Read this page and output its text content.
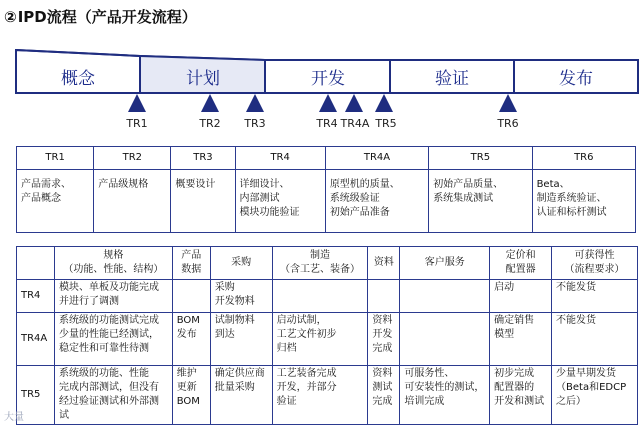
②IPD流程（产品开发流程）
概念	计划	开发	验证	发布
TR1	TR2 TR3	TR4 TR4A TR5	TR6
TR1	TR2	TR3	TR4	TR4A	TR5	TR6

产品需求、
产品概念	产品级规格	概要设计	详细设计、
内部测试
模块功能验证	原型机的质量、
系统级验证
初始产品准备	初始产品质量、
系统集成测试	Beta、
制造系统验证、
认证和标杆测试

	规格
（功能、性能、结构）	产品
数据	采购	制造
（含工艺、装备）	资料	客户服务	定价和
配置器	可获得性
（流程要求）

TR4	模块、单板及功能完成
并进行了调测		采购
开发物料				启动	不能发货

TR4A	系统级的功能测试完成
少量的性能已经测试，
稳定性和可靠性待测	BOM
发布	试制物料
到达	启动试制，
工艺文件初步
归档	资料
开发
完成		确定销售
模型	不能发货

TR5	系统级的功能、性能
完成内部测试，但没有
经过验证测试和外部测试	维护
更新
BOM	确定供应商
批量采购	工艺装备完成
开发，并部分
验证	资料
测试
完成	可服务性、
可安装性的测试，
培训完成	初步完成
配置器的
开发和测试	少量早期发货
（Beta和EDCP
之后）
大量
